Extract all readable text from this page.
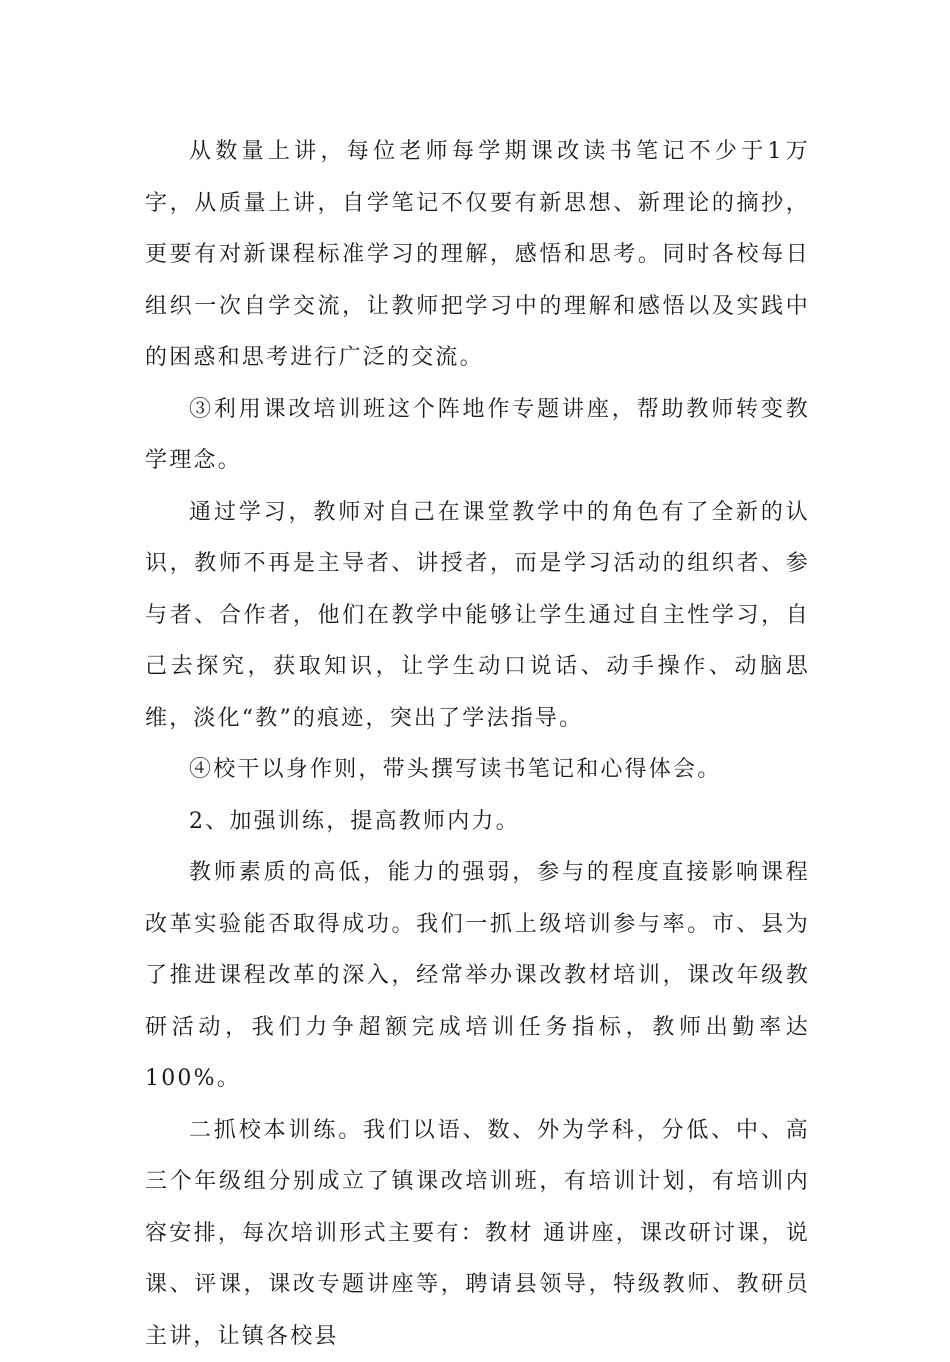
从数量上讲，每位老师每学期课改读书笔记不少于1万字，从质量上讲，自学笔记不仅要有新思想、新理论的摘抄，更要有对新课程标准学习的理解，感悟和思考。同时各校每日组织一次自学交流，让教师把学习中的理解和感悟以及实践中的困惑和思考进行广泛的交流。

③利用课改培训班这个阵地作专题讲座，帮助教师转变教学理念。

通过学习，教师对自己在课堂教学中的角色有了全新的认识，教师不再是主导者、讲授者，而是学习活动的组织者、参与者、合作者，他们在教学中能够让学生通过自主性学习，自己去探究，获取知识，让学生动口说话、动手操作、动脑思维，淡化“教”的痕迹，突出了学法指导。

④校干以身作则，带头撰写读书笔记和心得体会。

2、加强训练，提高教师内力。

教师素质的高低，能力的强弱，参与的程度直接影响课程改革实验能否取得成功。我们一抓上级培训参与率。市、县为了推进课程改革的深入，经常举办课改教材培训，课改年级教研活动，我们力争超额完成培训任务指标，教师出勤率达100%。

二抓校本训练。我们以语、数、外为学科，分低、中、高三个年级组分别成立了镇课改培训班，有培训计划，有培训内容安排，每次培训形式主要有：教材 通讲座，课改研讨课，说课、评课，课改专题讲座等，聘请县领导，特级教师、教研员主讲，让镇各校县
